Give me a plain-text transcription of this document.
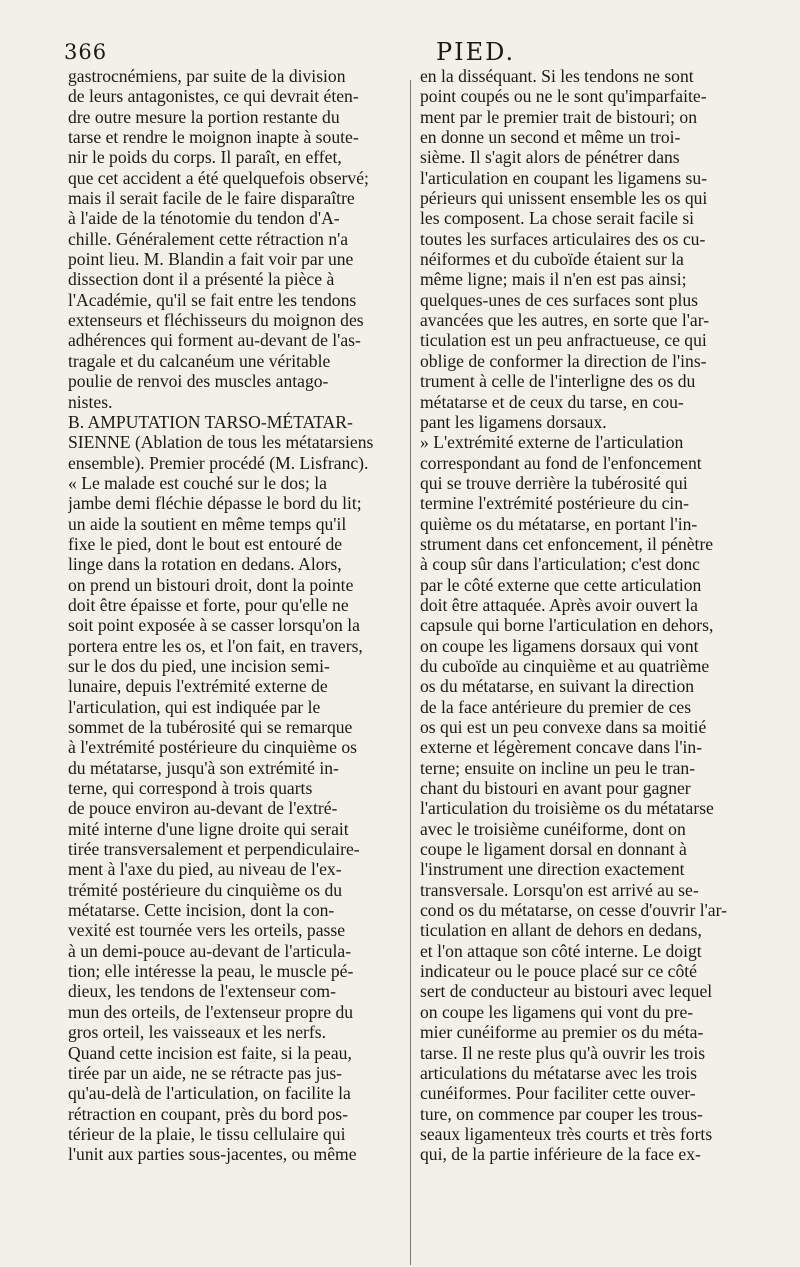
366	PIED.
gastrocnémiens, par suite de la division
de leurs antagonistes, ce qui devrait éten-
dre outre mesure la portion restante du
tarse et rendre le moignon inapte à soute-
nir le poids du corps. Il paraît, en effet,
que cet accident a été quelquefois observé;
mais il serait facile de le faire disparaître
à l'aide de la ténotomie du tendon d'A-
chille. Généralement cette rétraction n'a
point lieu. M. Blandin a fait voir par une
dissection dont il a présenté la pièce à
l'Académie, qu'il se fait entre les tendons
extenseurs et fléchisseurs du moignon des
adhérences qui forment au-devant de l'as-
tragale et du calcanéum une véritable
poulie de renvoi des muscles antago-
nistes.
B. AMPUTATION TARSO-MÉTATAR-
SIENNE (Ablation de tous les métatarsiens
ensemble). Premier procédé (M. Lisfranc).
« Le malade est couché sur le dos; la
jambe demi fléchie dépasse le bord du lit;
un aide la soutient en même temps qu'il
fixe le pied, dont le bout est entouré de
linge dans la rotation en dedans. Alors,
on prend un bistouri droit, dont la pointe
doit être épaisse et forte, pour qu'elle ne
soit point exposée à se casser lorsqu'on la
portera entre les os, et l'on fait, en travers,
sur le dos du pied, une incision semi-
lunaire, depuis l'extrémité externe de
l'articulation, qui est indiquée par le
sommet de la tubérosité qui se remarque
à l'extrémité postérieure du cinquième os
du métatarse, jusqu'à son extrémité in-
terne, qui correspond à trois quarts
de pouce environ au-devant de l'extré-
mité interne d'une ligne droite qui serait
tirée transversalement et perpendiculaire-
ment à l'axe du pied, au niveau de l'ex-
trémité postérieure du cinquième os du
métatarse. Cette incision, dont la con-
vexité est tournée vers les orteils, passe
à un demi-pouce au-devant de l'articula-
tion; elle intéresse la peau, le muscle pé-
dieux, les tendons de l'extenseur com-
mun des orteils, de l'extenseur propre du
gros orteil, les vaisseaux et les nerfs.
Quand cette incision est faite, si la peau,
tirée par un aide, ne se rétracte pas jus-
qu'au-delà de l'articulation, on facilite la
rétraction en coupant, près du bord pos-
térieur de la plaie, le tissu cellulaire qui
l'unit aux parties sous-jacentes, ou même
en la disséquant. Si les tendons ne sont
point coupés ou ne le sont qu'imparfaite-
ment par le premier trait de bistouri; on
en donne un second et même un troi-
sième. Il s'agit alors de pénétrer dans
l'articulation en coupant les ligamens su-
périeurs qui unissent ensemble les os qui
les composent. La chose serait facile si
toutes les surfaces articulaires des os cu-
néiformes et du cuboïde étaient sur la
même ligne; mais il n'en est pas ainsi;
quelques-unes de ces surfaces sont plus
avancées que les autres, en sorte que l'ar-
ticulation est un peu anfractueuse, ce qui
oblige de conformer la direction de l'ins-
trument à celle de l'interligne des os du
métatarse et de ceux du tarse, en cou-
pant les ligamens dorsaux.
» L'extrémité externe de l'articulation
correspondant au fond de l'enfoncement
qui se trouve derrière la tubérosité qui
termine l'extrémité postérieure du cin-
quième os du métatarse, en portant l'in-
strument dans cet enfoncement, il pénètre
à coup sûr dans l'articulation; c'est donc
par le côté externe que cette articulation
doit être attaquée. Après avoir ouvert la
capsule qui borne l'articulation en dehors,
on coupe les ligamens dorsaux qui vont
du cuboïde au cinquième et au quatrième
os du métatarse, en suivant la direction
de la face antérieure du premier de ces
os qui est un peu convexe dans sa moitié
externe et légèrement concave dans l'in-
terne; ensuite on incline un peu le tran-
chant du bistouri en avant pour gagner
l'articulation du troisième os du métatarse
avec le troisième cunéiforme, dont on
coupe le ligament dorsal en donnant à
l'instrument une direction exactement
transversale. Lorsqu'on est arrivé au se-
cond os du métatarse, on cesse d'ouvrir l'ar-
ticulation en allant de dehors en dedans,
et l'on attaque son côté interne. Le doigt
indicateur ou le pouce placé sur ce côté
sert de conducteur au bistouri avec lequel
on coupe les ligamens qui vont du pre-
mier cunéiforme au premier os du méta-
tarse. Il ne reste plus qu'à ouvrir les trois
articulations du métatarse avec les trois
cunéiformes. Pour faciliter cette ouver-
ture, on commence par couper les trous-
seaux ligamenteux très courts et très forts
qui, de la partie inférieure de la face ex-
